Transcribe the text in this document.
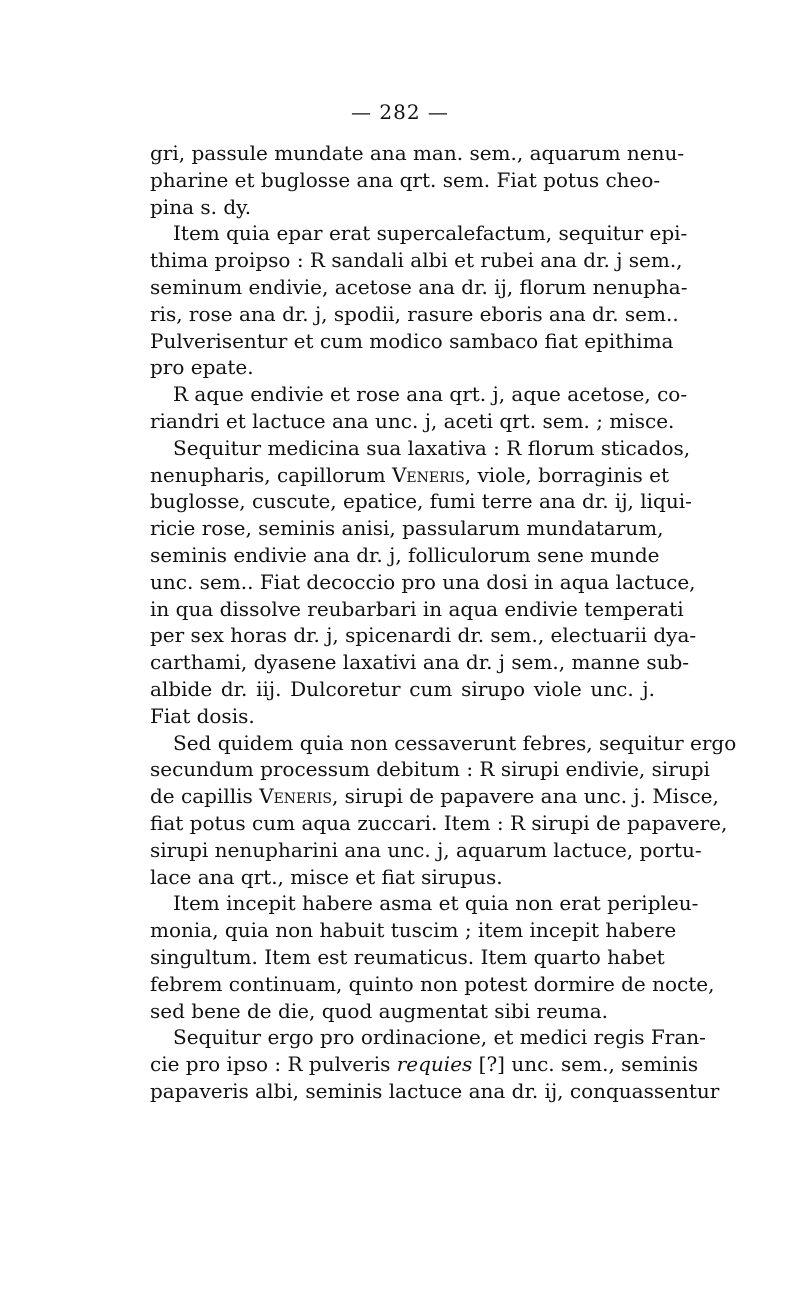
— 282 —
gri, passule mundate ana man. sem., aquarum nenu-
pharine et buglosse ana qrt. sem. Fiat potus cheo-
pina s. dy.
Item quia epar erat supercalefactum, sequitur epi-
thima proipso : R sandali albi et rubei ana dr. j sem.,
seminum endivie, acetose ana dr. ij, florum nenupha-
ris, rose ana dr. j, spodii, rasure eboris ana dr. sem..
Pulverisentur et cum modico sambaco fiat epithima
pro epate.
R aque endivie et rose ana qrt. j, aque acetose, co-
riandri et lactuce ana unc. j, aceti qrt. sem. ; misce.
Sequitur medicina sua laxativa : R florum sticados,
nenupharis, capillorum Veneris, viole, borraginis et
buglosse, cuscute, epatice, fumi terre ana dr. ij, liqui-
ricie rose, seminis anisi, passularum mundatarum,
seminis endivie ana dr. j, folliculorum sene munde
unc. sem.. Fiat decoccio pro una dosi in aqua lactuce,
in qua dissolve reubarbari in aqua endivie temperati
per sex horas dr. j, spicenardi dr. sem., electuarii dya-
carthami, dyasene laxativi ana dr. j sem., manne sub-
albide dr. iij. Dulcoretur cum sirupo viole unc. j.
Fiat dosis.
Sed quidem quia non cessaverunt febres, sequitur ergo
secundum processum debitum : R sirupi endivie, sirupi
de capillis Veneris, sirupi de papavere ana unc. j. Misce,
fiat potus cum aqua zuccari. Item : R sirupi de papavere,
sirupi nenupharini ana unc. j, aquarum lactuce, portu-
lace ana qrt., misce et fiat sirupus.
Item incepit habere asma et quia non erat peripleu-
monia, quia non habuit tuscim ; item incepit habere
singultum. Item est reumaticus. Item quarto habet
febrem continuam, quinto non potest dormire de nocte,
sed bene de die, quod augmentat sibi reuma.
Sequitur ergo pro ordinacione, et medici regis Fran-
cie pro ipso : R pulveris requies [?] unc. sem., seminis
papaveris albi, seminis lactuce ana dr. ij, conquassentur
